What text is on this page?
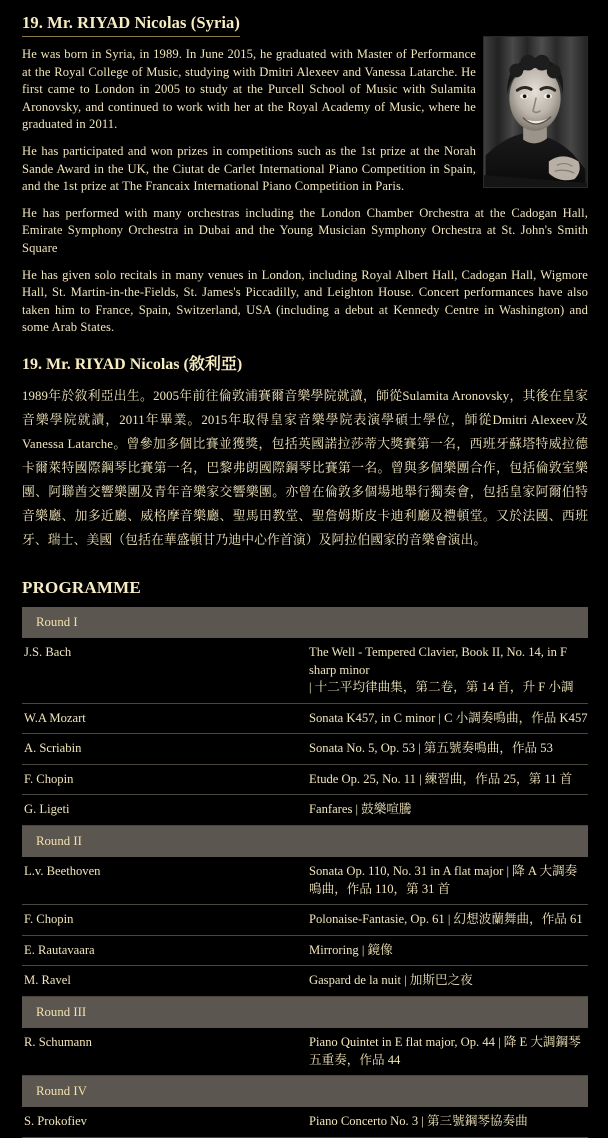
19. Mr. RIYAD Nicolas (Syria)

He was born in Syria, in 1989. In June 2015, he graduated with Master of Performance at the Royal College of Music, studying with Dmitri Alexeev and Vanessa Latarche. He first came to London in 2005 to study at the Purcell School of Music with Sulamita Aronovsky, and continued to work with her at the Royal Academy of Music, where he graduated in 2011.

He has participated and won prizes in competitions such as the 1st prize at the Norah Sande Award in the UK, the Ciutat de Carlet International Piano Competition in Spain, and the 1st prize at The Francaix International Piano Competition in Paris.

He has performed with many orchestras including the London Chamber Orchestra at the Cadogan Hall, Emirate Symphony Orchestra in Dubai and the Young Musician Symphony Orchestra at St. John's Smith Square

He has given solo recitals in many venues in London, including Royal Albert Hall, Cadogan Hall, Wigmore Hall, St. Martin-in-the-Fields, St. James's Piccadilly, and Leighton House. Concert performances have also taken him to France, Spain, Switzerland, USA (including a debut at Kennedy Centre in Washington) and some Arab States.

19. Mr. RIYAD Nicolas (敘利亞)

1989年於敘利亞出生。2005年前往倫敦浦賽爾音樂學院就讀，師從Sulamita Aronovsky，其後在皇家音樂學院就讀，2011年畢業。2015年取得皇家音樂學院表演學碩士學位，師從Dmitri Alexeev及Vanessa Latarche。曾參加多個比賽並獲獎，包括英國諾拉莎蒂大獎賽第一名，西班牙蘇塔特威拉德卡爾萊特國際鋼琴比賽第一名，巴黎弗朗國際鋼琴比賽第一名。曾與多個樂團合作，包括倫敦室樂團、阿聯酋交響樂團及青年音樂家交響樂團。亦曾在倫敦多個場地舉行獨奏會，包括皇家阿爾伯特音樂廳、加多近廳、威格摩音樂廳、聖馬田教堂、聖詹姆斯皮卡迪利廳及禮頓堂。又於法國、西班牙、瑞士、美國（包括在華盛頓甘乃迪中心作首演）及阿拉伯國家的音樂會演出。

PROGRAMME
Round I	
J.S. Bach	The Well - Tempered Clavier, Book II, No. 14, in F sharp minor
| 十二平均律曲集，第二卷，第 14 首，升 F 小調

W.A Mozart	Sonata K457, in C minor | C 小調奏鳴曲，作品 K457
A. Scriabin	Sonata No. 5, Op. 53 | 第五號奏鳴曲，作品 53
F. Chopin	Etude Op. 25, No. 11 | 練習曲，作品 25，第 11 首
G. Ligeti	Fanfares | 鼓樂喧騰
Round II	
L.v. Beethoven	Sonata Op. 110, No. 31 in A flat major | 降 A 大調奏鳴曲，作品 110，第 31 首
F. Chopin	Polonaise-Fantasie, Op. 61 | 幻想波蘭舞曲，作品 61
E. Rautavaara	Mirroring | 鏡像
M. Ravel	Gaspard de la nuit | 加斯巴之夜
Round III	
R. Schumann	Piano Quintet in E flat major, Op. 44 | 降 E 大調鋼琴五重奏，作品 44
Round IV	
S. Prokofiev	Piano Concerto No. 3 | 第三號鋼琴協奏曲
